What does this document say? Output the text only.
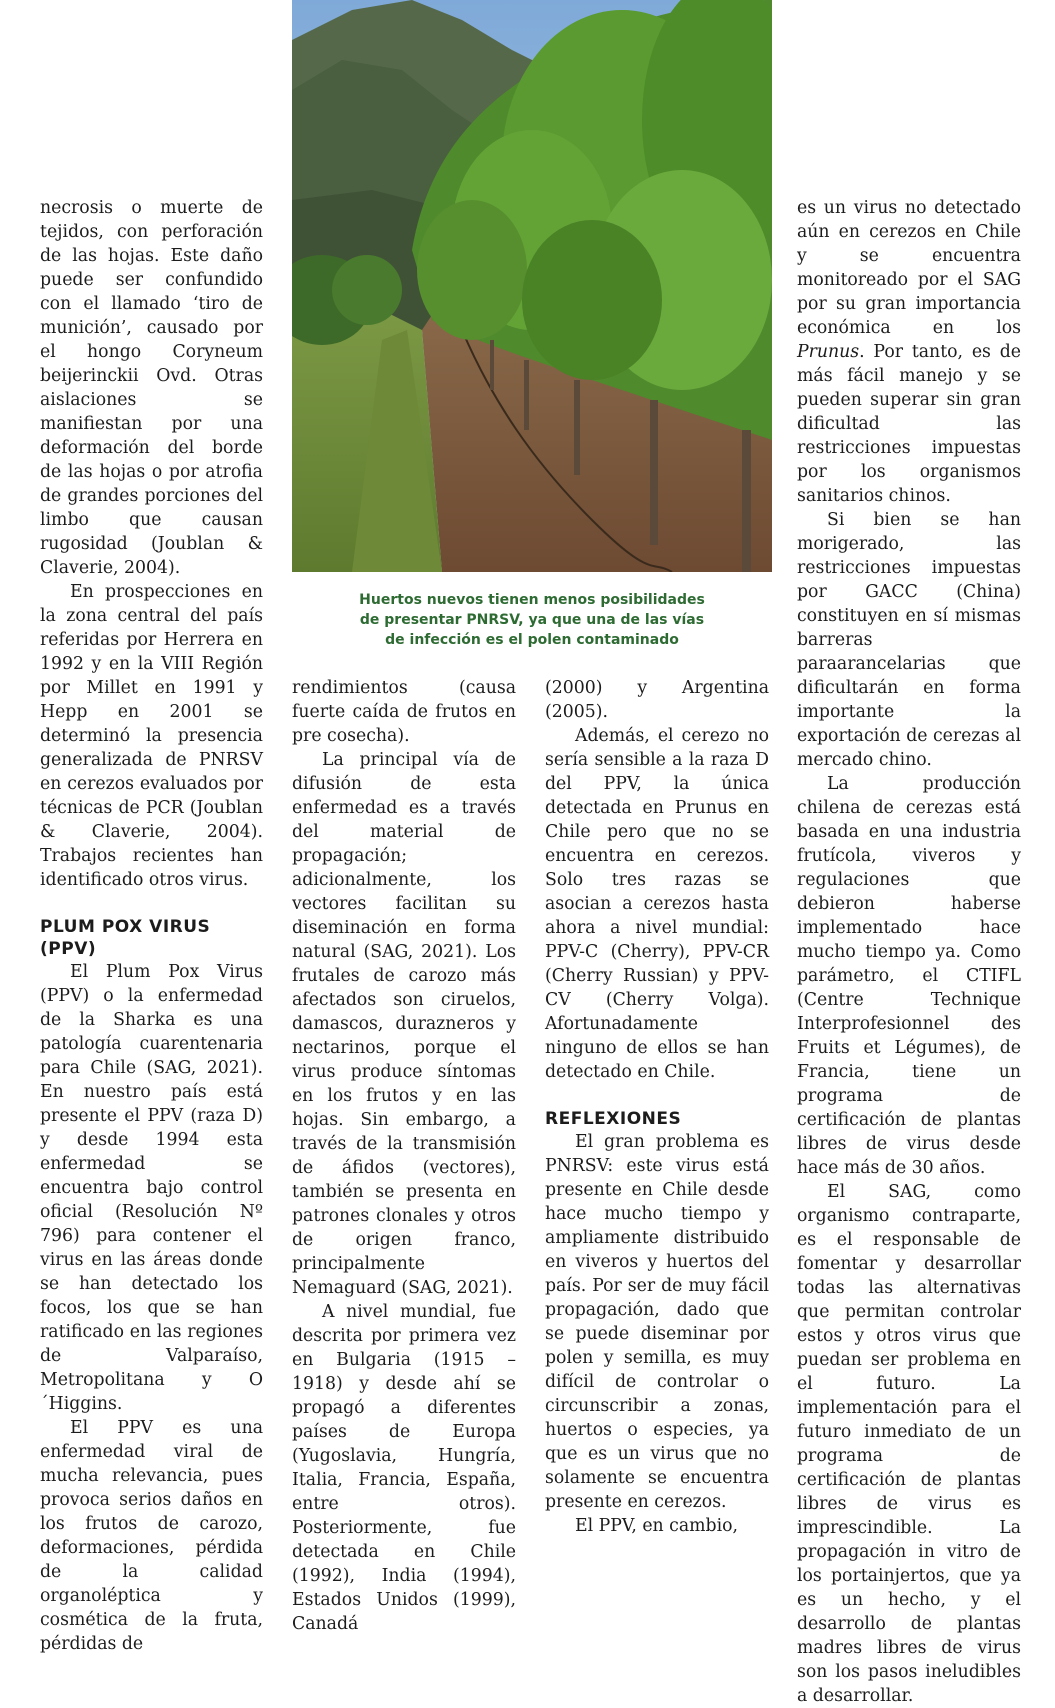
Huertos nuevos tienen menos posibilidades
de presentar PNRSV, ya que una de las vías
de infección es el polen contaminado

necrosis o muerte de tejidos, con perforación de las hojas. Este daño puede ser confundido con el llamado ‘tiro de munición’, causado por el hongo Coryneum beijerinckii Ovd. Otras aislaciones se manifiestan por una deformación del borde de las hojas o por atrofia de grandes porciones del limbo que causan rugosidad (Joublan & Claverie, 2004).

En prospecciones en la zona central del país referidas por Herrera en 1992 y en la VIII Región por Millet en 1991 y Hepp en 2001 se determinó la presencia generalizada de PNRSV en cerezos evaluados por técnicas de PCR (Joublan & Claverie, 2004). Trabajos recientes han identificado otros virus.

PLUM POX VIRUS (PPV)

El Plum Pox Virus (PPV) o la enfermedad de la Sharka es una patología cuarentenaria para Chile (SAG, 2021). En nuestro país está presente el PPV (raza D) y desde 1994 esta enfermedad se encuentra bajo control oficial (Resolución Nº 796) para contener el virus en las áreas donde se han detectado los focos, los que se han ratificado en las regiones de Valparaíso, Metropolitana y O´Higgins.

El PPV es una enfermedad viral de mucha relevancia, pues provoca serios daños en los frutos de carozo, deformaciones, pérdida de la calidad organoléptica y cosmética de la fruta, pérdidas de

rendimientos (causa fuerte caída de frutos en pre cosecha).

La principal vía de difusión de esta enfermedad es a través del material de propagación; adicionalmente, los vectores facilitan su diseminación en forma natural (SAG, 2021). Los frutales de carozo más afectados son ciruelos, damascos, durazneros y nectarinos, porque el virus produce síntomas en los frutos y en las hojas. Sin embargo, a través de la transmisión de áfidos (vectores), también se presenta en patrones clonales y otros de origen franco, principalmente Nemaguard (SAG, 2021).

A nivel mundial, fue descrita por primera vez en Bulgaria (1915 – 1918) y desde ahí se propagó a diferentes países de Europa (Yugoslavia, Hungría, Italia, Francia, España, entre otros). Posteriormente, fue detectada en Chile (1992), India (1994), Estados Unidos (1999), Canadá

(2000) y Argentina (2005).

Además, el cerezo no sería sensible a la raza D del PPV, la única detectada en Prunus en Chile pero que no se encuentra en cerezos. Solo tres razas se asocian a cerezos hasta ahora a nivel mundial: PPV-C (Cherry), PPV-CR (Cherry Russian) y PPV-CV (Cherry Volga). Afortunadamente ninguno de ellos se han detectado en Chile.

REFLEXIONES

El gran problema es PNRSV: este virus está presente en Chile desde hace mucho tiempo y ampliamente distribuido en viveros y huertos del país. Por ser de muy fácil propagación, dado que se puede diseminar por polen y semilla, es muy difícil de controlar o circunscribir a zonas, huertos o especies, ya que es un virus que no solamente se encuentra presente en cerezos.

El PPV, en cambio,

es un virus no detectado aún en cerezos en Chile y se encuentra monitoreado por el SAG por su gran importancia económica en los Prunus. Por tanto, es de más fácil manejo y se pueden superar sin gran dificultad las restricciones impuestas por los organismos sanitarios chinos.

Si bien se han morigerado, las restricciones impuestas por GACC (China) constituyen en sí mismas barreras paraarancelarias que dificultarán en forma importante la exportación de cerezas al mercado chino.

La producción chilena de cerezas está basada en una industria frutícola, viveros y regulaciones que debieron haberse implementado hace mucho tiempo ya. Como parámetro, el CTIFL (Centre Technique Interprofesionnel des Fruits et Légumes), de Francia, tiene un programa de certificación de plantas libres de virus desde hace más de 30 años.

El SAG, como organismo contraparte, es el responsable de fomentar y desarrollar todas las alternativas que permitan controlar estos y otros virus que puedan ser problema en el futuro. La implementación para el futuro inmediato de un programa de certificación de plantas libres de virus es imprescindible. La propagación in vitro de los portainjertos, que ya es un hecho, y el desarrollo de plantas madres libres de virus son los pasos ineludibles a desarrollar.
